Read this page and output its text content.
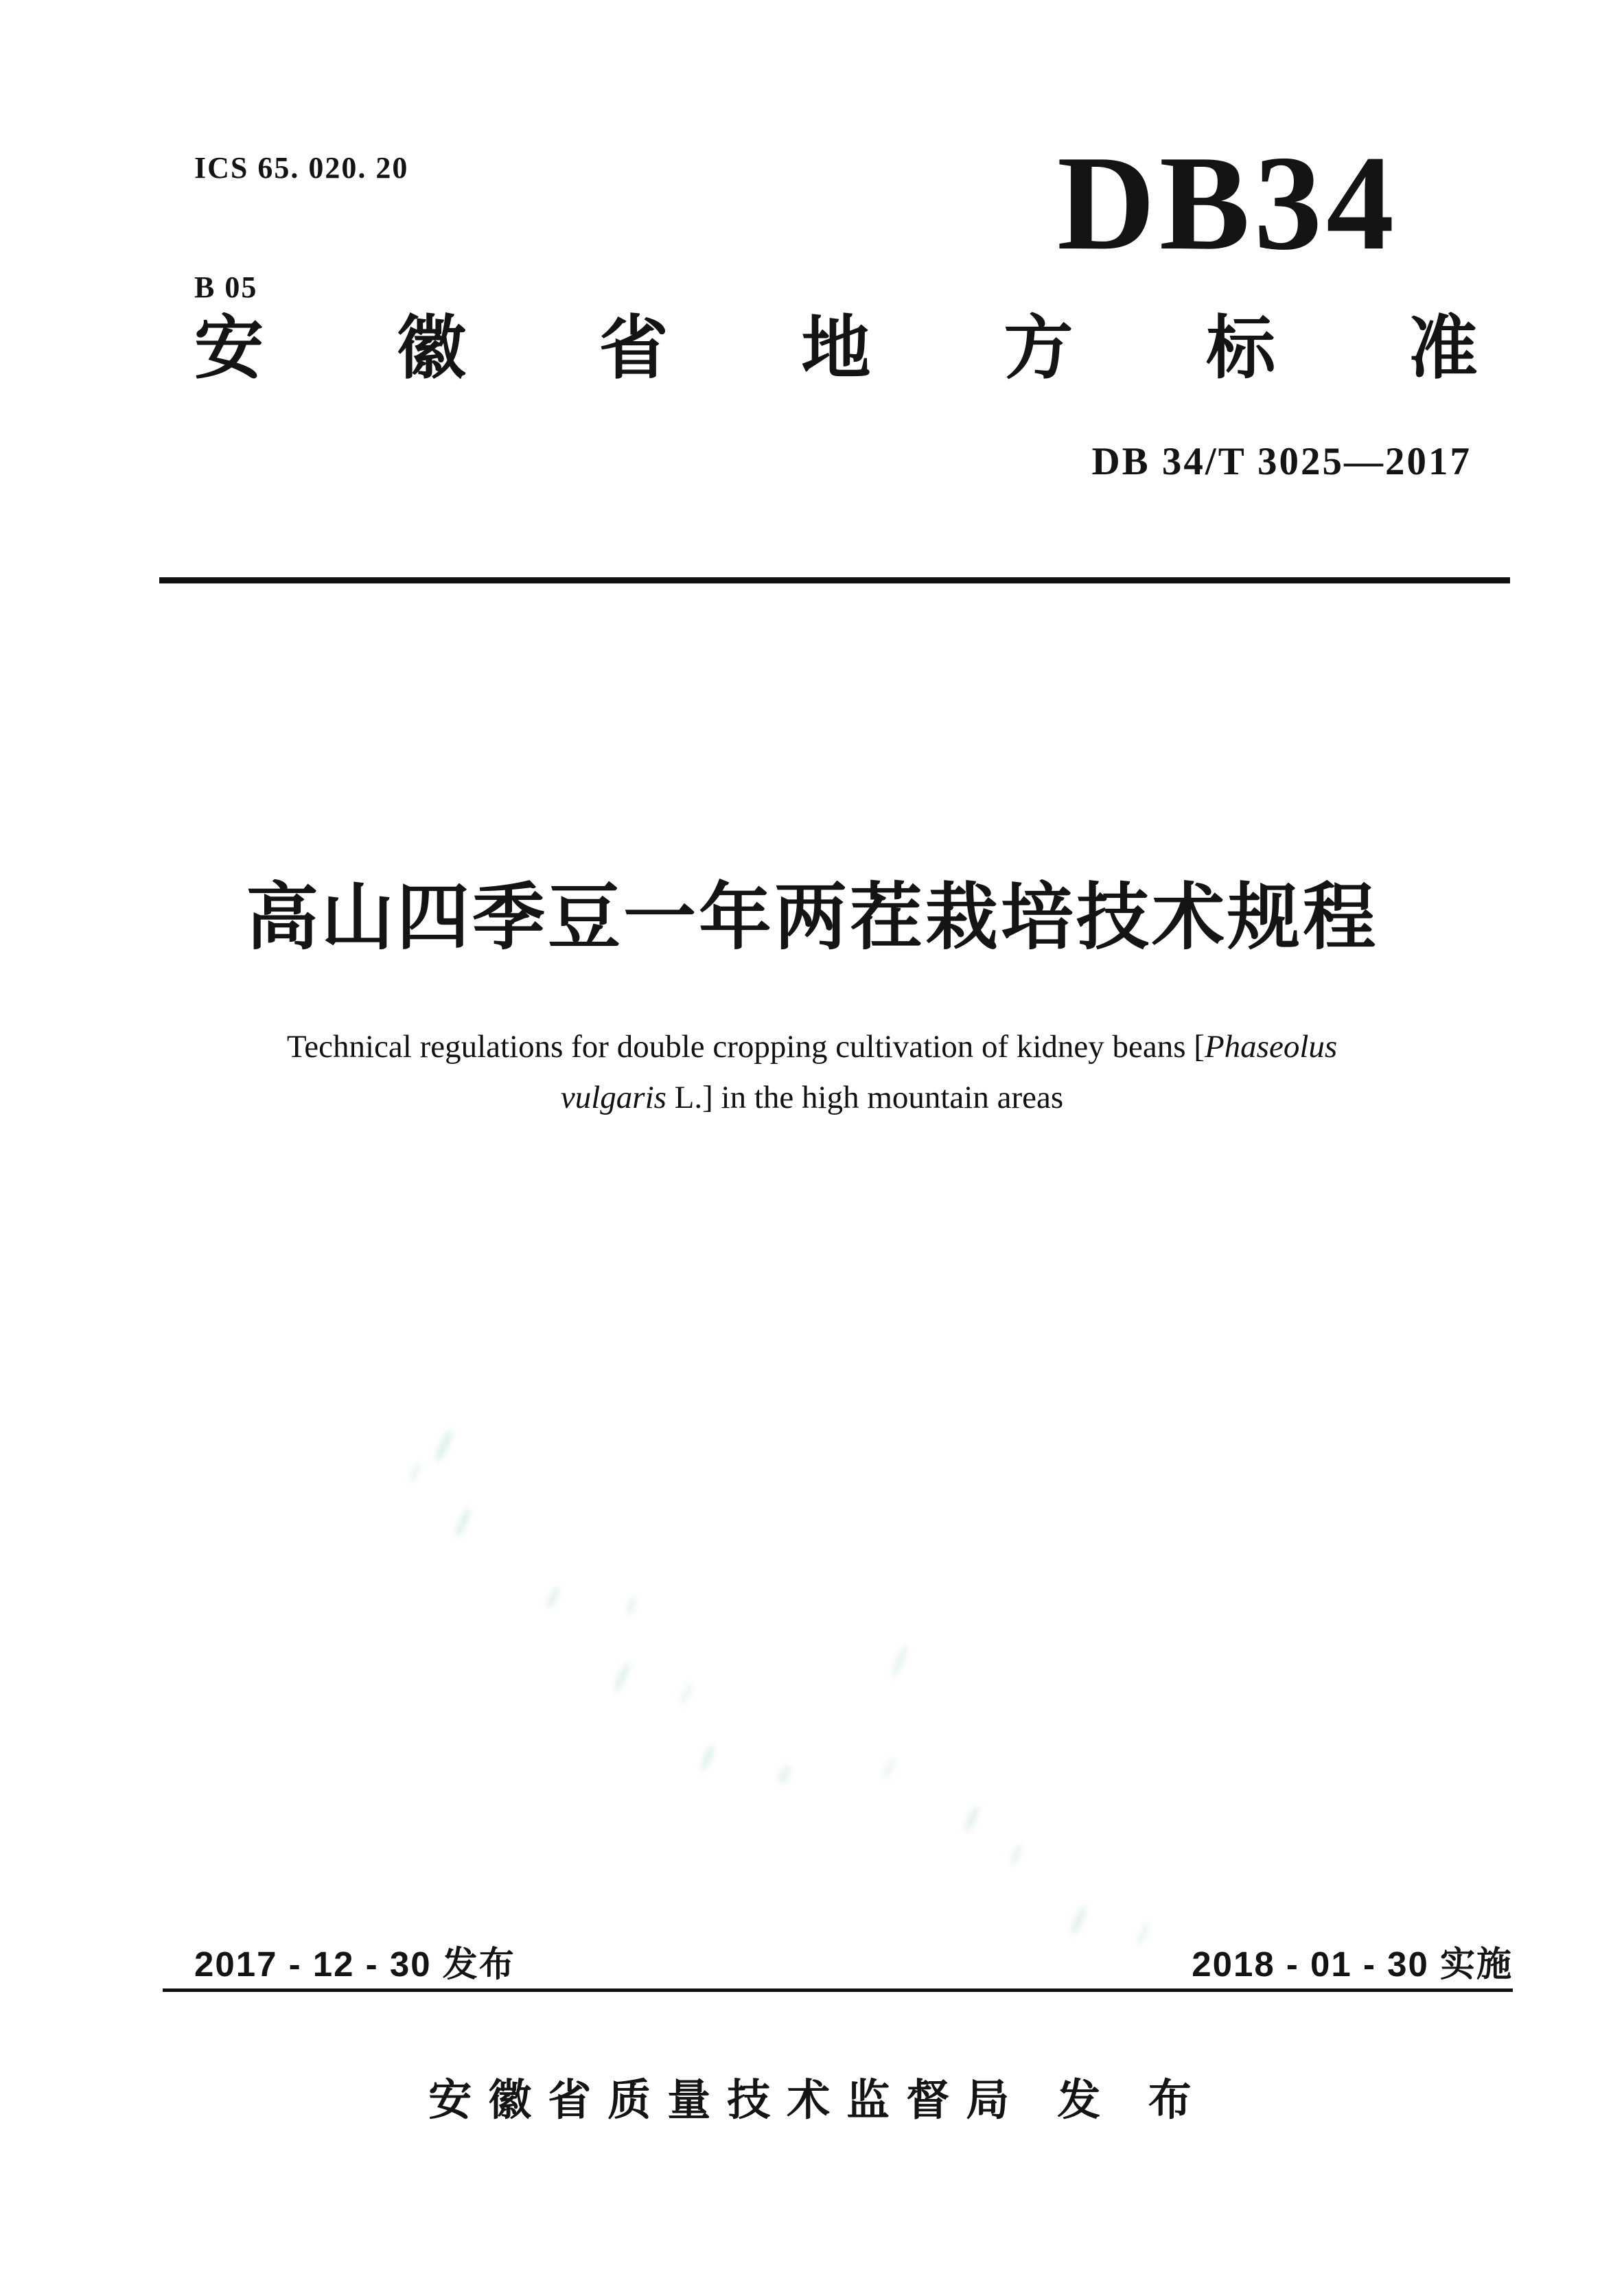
ICS 65. 020. 20

B 05

DB34
安 徽 省 地 方 标 准
DB 34/T 3025—2017
高山四季豆一年两茬栽培技术规程
Technical regulations for double cropping cultivation of kidney beans [Phaseolus
vulgaris L.] in the high mountain areas
2017 - 12 - 30 发布	2018 - 01 - 30 实施
安徽省质量技术监督局 发 布
